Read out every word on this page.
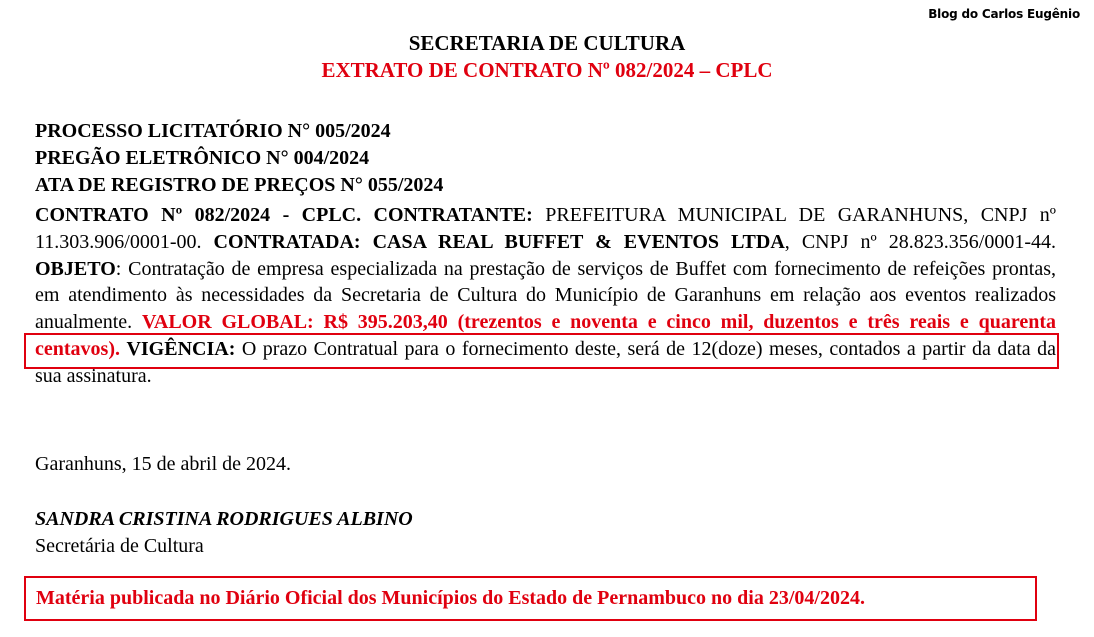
Blog do Carlos Eugênio
SECRETARIA DE CULTURA
EXTRATO DE CONTRATO Nº 082/2024 – CPLC
PROCESSO LICITATÓRIO N° 005/2024
PREGÃO ELETRÔNICO N° 004/2024
ATA DE REGISTRO DE PREÇOS N° 055/2024
CONTRATO Nº 082/2024 - CPLC. CONTRATANTE: PREFEITURA MUNICIPAL DE GARANHUNS, CNPJ nº 11.303.906/0001-00. CONTRATADA: CASA REAL BUFFET & EVENTOS LTDA, CNPJ nº 28.823.356/0001-44. OBJETO: Contratação de empresa especializada na prestação de serviços de Buffet com fornecimento de refeições prontas, em atendimento às necessidades da Secretaria de Cultura do Município de Garanhuns em relação aos eventos realizados anualmente. VALOR GLOBAL: R$ 395.203,40 (trezentos e noventa e cinco mil, duzentos e três reais e quarenta centavos). VIGÊNCIA: O prazo Contratual para o fornecimento deste, será de 12(doze) meses, contados a partir da data da sua assinatura.
Garanhuns, 15 de abril de 2024.
SANDRA CRISTINA RODRIGUES ALBINO
Secretária de Cultura
Matéria publicada no Diário Oficial dos Municípios do Estado de Pernambuco no dia 23/04/2024.
